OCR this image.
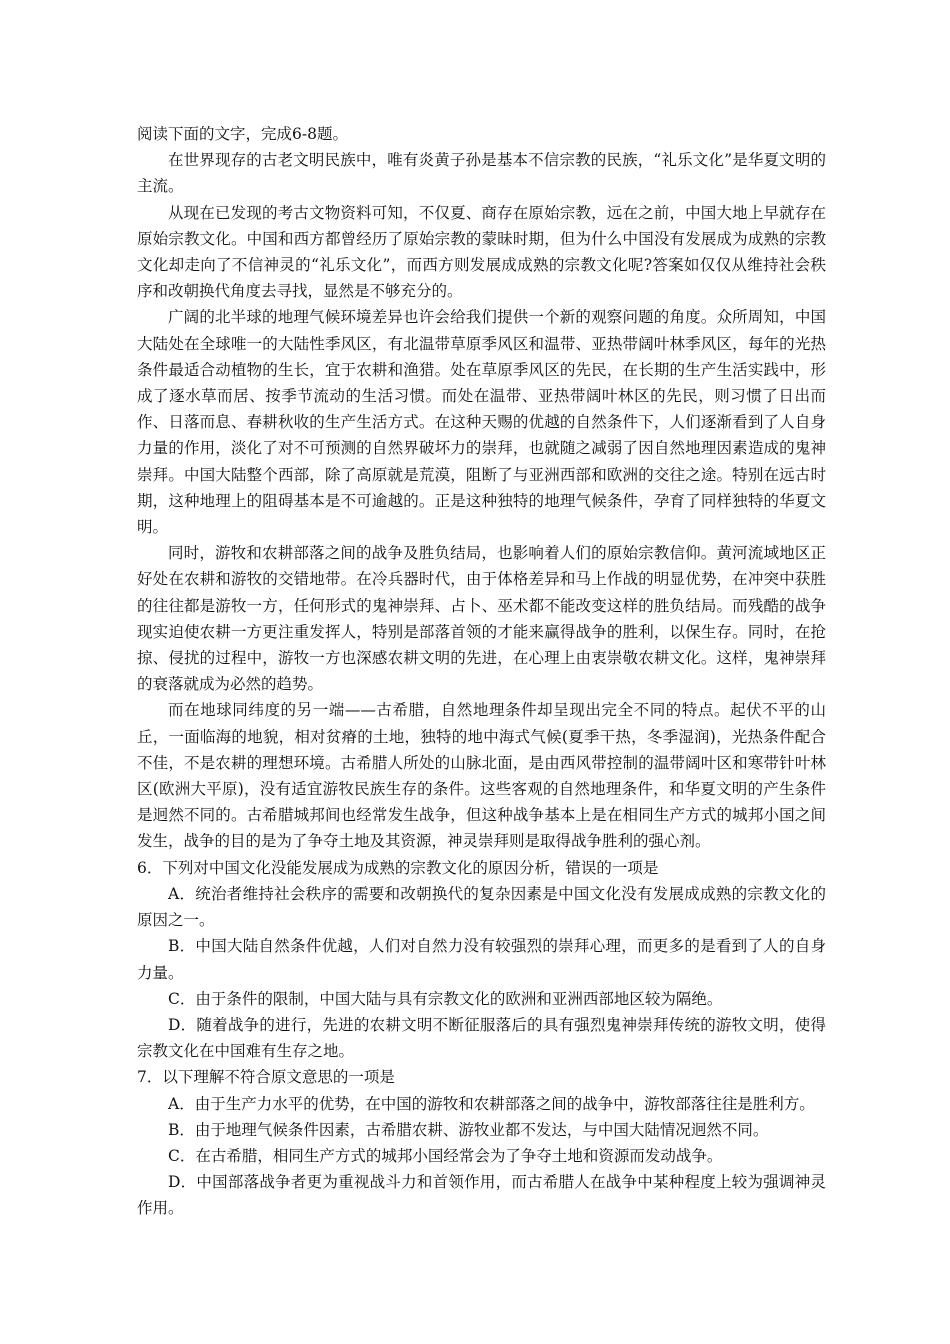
阅读下面的文字，完成6-8题。

在世界现存的古老文明民族中，唯有炎黄子孙是基本不信宗教的民族，“礼乐文化”是华夏文明的主流。

从现在已发现的考古文物资料可知，不仅夏、商存在原始宗教，远在之前，中国大地上早就存在原始宗教文化。中国和西方都曾经历了原始宗教的蒙昧时期，但为什么中国没有发展成为成熟的宗教文化却走向了不信神灵的“礼乐文化”，而西方则发展成成熟的宗教文化呢?答案如仅仅从维持社会秩序和改朝换代角度去寻找，显然是不够充分的。

广阔的北半球的地理气候环境差异也许会给我们提供一个新的观察问题的角度。众所周知，中国大陆处在全球唯一的大陆性季风区，有北温带草原季风区和温带、亚热带阔叶林季风区，每年的光热条件最适合动植物的生长，宜于农耕和渔猎。处在草原季风区的先民，在长期的生产生活实践中，形成了逐水草而居、按季节流动的生活习惯。而处在温带、亚热带阔叶林区的先民，则习惯了日出而作、日落而息、春耕秋收的生产生活方式。在这种天赐的优越的自然条件下，人们逐渐看到了人自身力量的作用，淡化了对不可预测的自然界破坏力的崇拜，也就随之减弱了因自然地理因素造成的鬼神崇拜。中国大陆整个西部，除了高原就是荒漠，阻断了与亚洲西部和欧洲的交往之途。特别在远古时期，这种地理上的阻碍基本是不可逾越的。正是这种独特的地理气候条件，孕育了同样独特的华夏文明。

同时，游牧和农耕部落之间的战争及胜负结局，也影响着人们的原始宗教信仰。黄河流域地区正好处在农耕和游牧的交错地带。在冷兵器时代，由于体格差异和马上作战的明显优势，在冲突中获胜的往往都是游牧一方，任何形式的鬼神崇拜、占卜、巫术都不能改变这样的胜负结局。而残酷的战争现实迫使农耕一方更注重发挥人，特别是部落首领的才能来赢得战争的胜利，以保生存。同时，在抢掠、侵扰的过程中，游牧一方也深感农耕文明的先进，在心理上由衷崇敬农耕文化。这样，鬼神崇拜的衰落就成为必然的趋势。

而在地球同纬度的另一端——古希腊，自然地理条件却呈现出完全不同的特点。起伏不平的山丘，一面临海的地貌，相对贫瘠的土地，独特的地中海式气候(夏季干热，冬季湿润)，光热条件配合不佳，不是农耕的理想环境。古希腊人所处的山脉北面，是由西风带控制的温带阔叶区和寒带针叶林区(欧洲大平原)，没有适宜游牧民族生存的条件。这些客观的自然地理条件，和华夏文明的产生条件是迥然不同的。古希腊城邦间也经常发生战争，但这种战争基本上是在相同生产方式的城邦小国之间发生，战争的目的是为了争夺土地及其资源，神灵崇拜则是取得战争胜利的强心剂。

6．下列对中国文化没能发展成为成熟的宗教文化的原因分析，错误的一项是

A．统治者维持社会秩序的需要和改朝换代的复杂因素是中国文化没有发展成成熟的宗教文化的原因之一。

B．中国大陆自然条件优越，人们对自然力没有较强烈的崇拜心理，而更多的是看到了人的自身力量。

C．由于条件的限制，中国大陆与具有宗教文化的欧洲和亚洲西部地区较为隔绝。

D．随着战争的进行，先进的农耕文明不断征服落后的具有强烈鬼神崇拜传统的游牧文明，使得宗教文化在中国难有生存之地。

7．以下理解不符合原文意思的一项是

A．由于生产力水平的优势，在中国的游牧和农耕部落之间的战争中，游牧部落往往是胜利方。

B．由于地理气候条件因素，古希腊农耕、游牧业都不发达，与中国大陆情况迥然不同。

C．在古希腊，相同生产方式的城邦小国经常会为了争夺土地和资源而发动战争。

D．中国部落战争者更为重视战斗力和首领作用，而古希腊人在战争中某种程度上较为强调神灵作用。
